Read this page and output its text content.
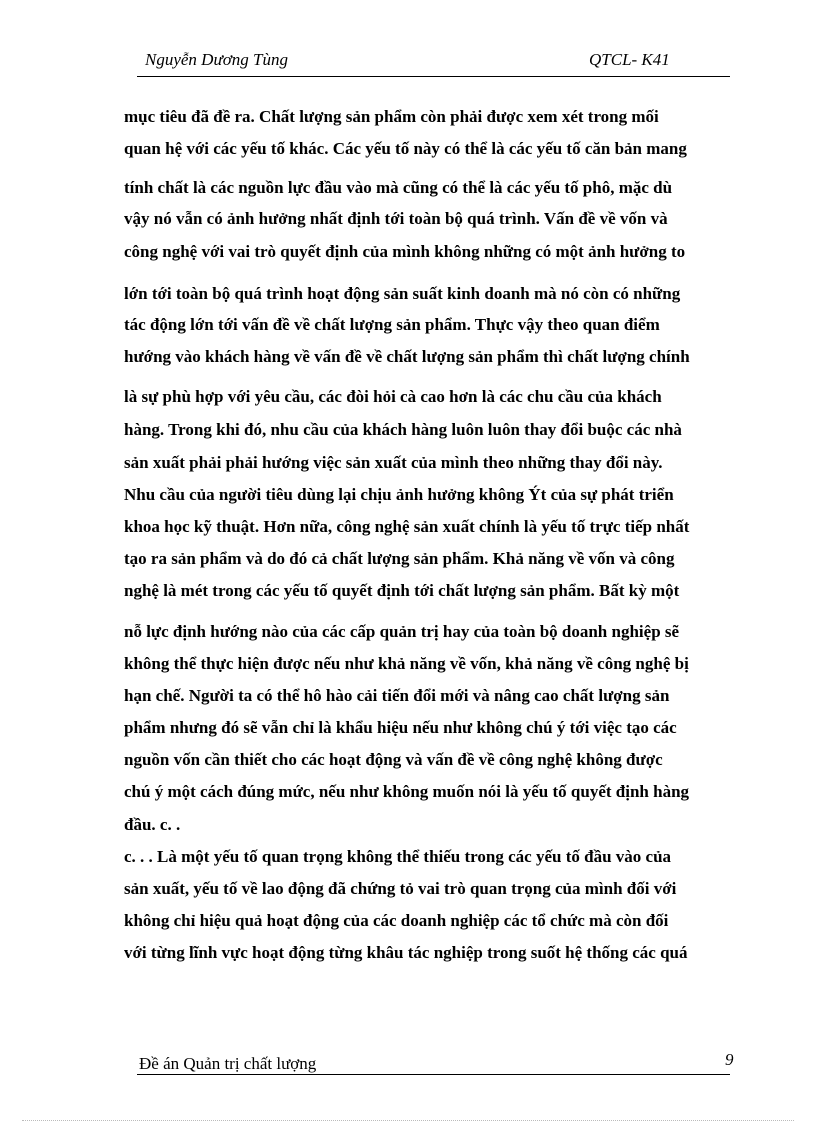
Nguyễn Dương Tùng	QTCL- K41
mục tiêu đã đề ra. Chất lượng sản phẩm còn phải được xem xét trong mối
quan hệ với các yếu tố khác. Các yếu tố này có thể là các yếu tố căn bản mang
tính chất là các nguồn lực đầu vào mà cũng có thể là các yếu tố phô, mặc dù
vậy nó vẫn có ảnh hưởng nhất định tới toàn bộ quá trình. Vấn đề về vốn và
công nghệ với vai trò quyết định của mình không những có một ảnh hưởng to
lớn tới toàn bộ quá trình hoạt động sản suất kinh doanh mà nó còn có những
tác động lớn tới vấn đề về chất lượng sản phẩm. Thực vậy theo quan điểm
hướng vào khách hàng về vấn đề về chất lượng sản phẩm thì chất lượng chính
là sự phù hợp với yêu cầu, các đòi hỏi cà cao hơn là các chu cầu của khách
hàng. Trong khi đó, nhu cầu của khách hàng luôn luôn thay đổi buộc các nhà
sản xuất phải phải hướng việc sản xuất của mình theo những thay đổi này.
Nhu cầu của người tiêu dùng lại chịu ảnh hưởng không Ýt của sự phát triển
khoa học kỹ thuật. Hơn nữa, công nghệ sản xuất chính là yếu tố trực tiếp nhất
tạo ra sản phẩm và do đó cả chất lượng sản phẩm. Khả năng về vốn và công
nghệ là mét trong các yếu tố quyết định tới chất lượng sản phẩm. Bất kỳ một
nỗ lực định hướng nào của các cấp quản trị hay của toàn bộ doanh nghiệp sẽ
không thể thực hiện được nếu như khả năng về vốn, khả năng về công nghệ bị
hạn chế. Người ta có thể hô hào cải tiến đổi mới và nâng cao chất lượng sản
phẩm nhưng đó sẽ vẫn chỉ là khẩu hiệu nếu như không chú ý tới việc tạo các
nguồn vốn cần thiết cho các hoạt động và vấn đề về công nghệ không được
chú ý một cách đúng mức, nếu như không muốn nói là yếu tố quyết định hàng
đầu. c. .
c. . . Là một yếu tố quan trọng không thể thiếu trong các yếu tố đầu vào của
sản xuất, yếu tố về lao động đã chứng tỏ vai trò quan trọng của mình đối với
không chỉ hiệu quả hoạt động của các doanh nghiệp các tổ chức mà còn đối
với từng lĩnh vực hoạt động từng khâu tác nghiệp trong suốt hệ thống các quá
Đề án Quản trị chất lượng	9
